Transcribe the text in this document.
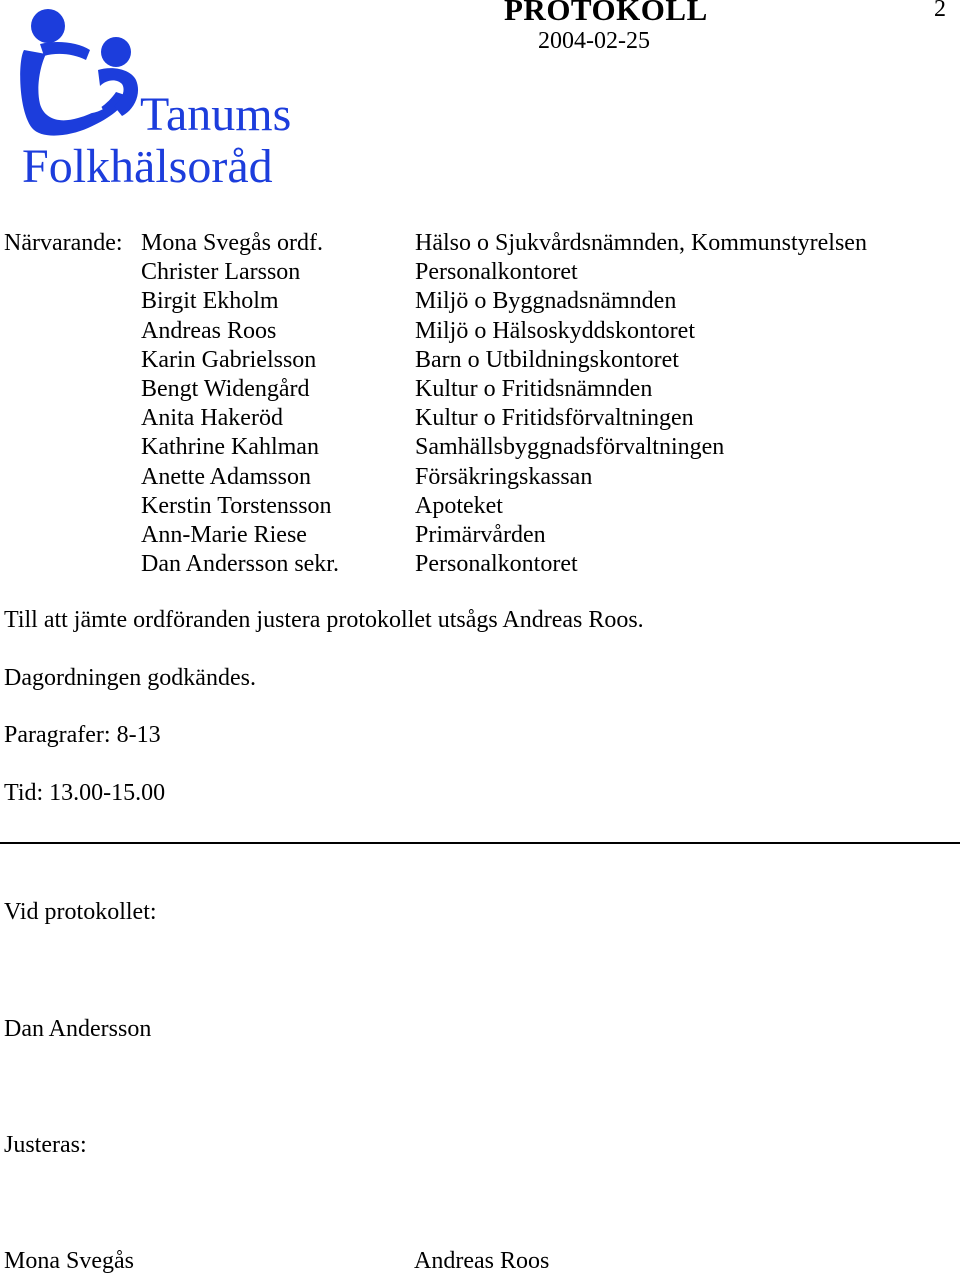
PROTOKOLL
2004-02-25
2
Tanums
Folkhälsoråd
Närvarande: Mona Svegås ordf.	Hälso o Sjukvårdsnämnden, Kommunstyrelsen
Christer Larsson	Personalkontoret
Birgit Ekholm	Miljö o Byggnadsnämnden
Andreas Roos	Miljö o Hälsoskyddskontoret
Karin Gabrielsson	Barn o Utbildningskontoret
Bengt Widengård	Kultur o Fritidsnämnden
Anita Hakeröd	Kultur o Fritidsförvaltningen
Kathrine Kahlman	Samhällsbyggnadsförvaltningen
Anette Adamsson	Försäkringskassan
Kerstin Torstensson	Apoteket
Ann-Marie Riese	Primärvården
Dan Andersson sekr.	Personalkontoret
Till att jämte ordföranden justera protokollet utsågs Andreas Roos.
Dagordningen godkändes.
Paragrafer: 8-13
Tid: 13.00-15.00
Vid protokollet:
Dan Andersson
Justeras:
Mona Svegås	Andreas Roos
